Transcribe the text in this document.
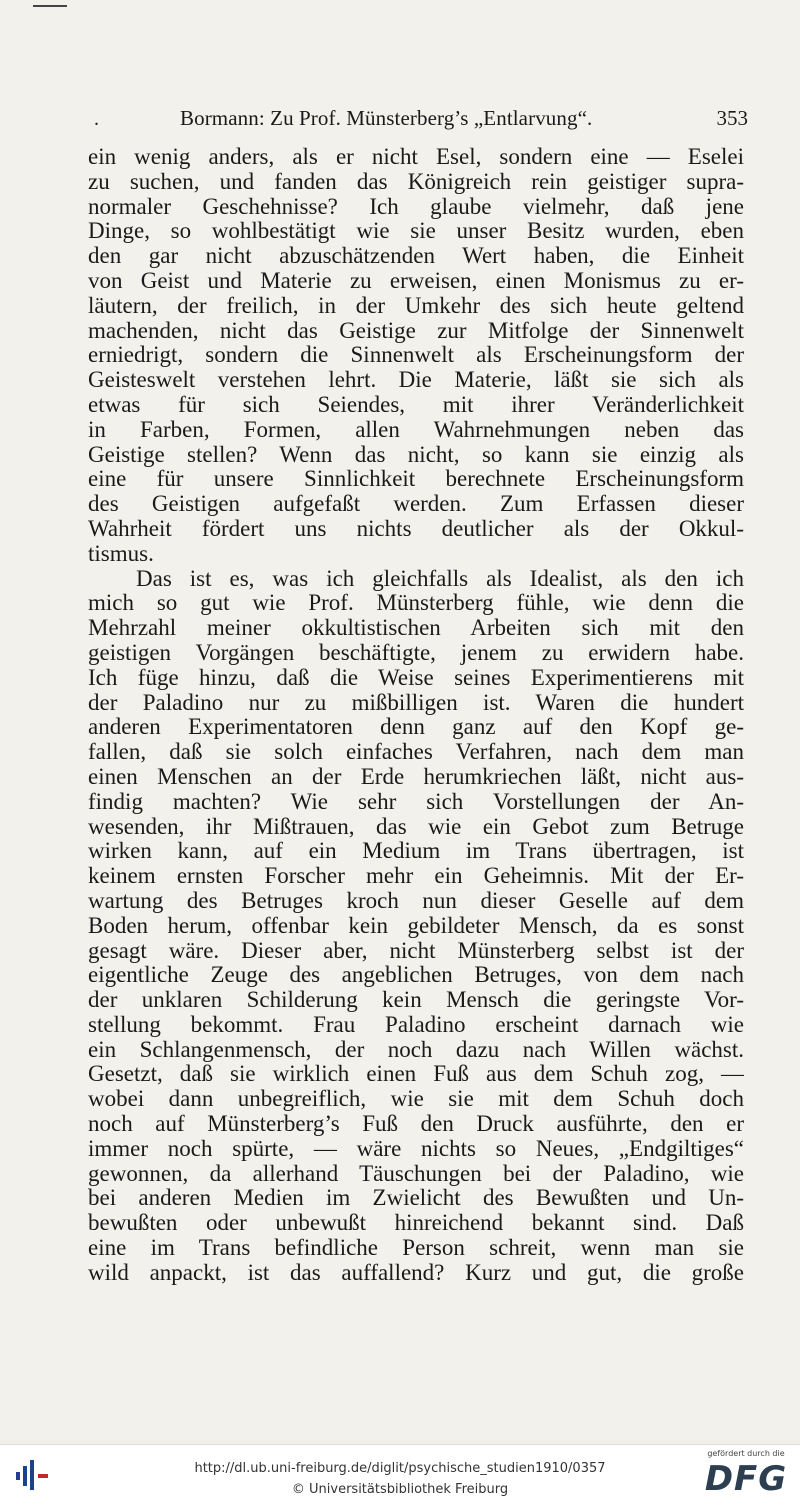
.	Bormann: Zu Prof. Münsterberg’s „Entlarvung“.	353
ein wenig anders, als er nicht Esel, sondern eine — Eselei
zu suchen, und fanden das Königreich rein geistiger supra-
normaler Geschehnisse? Ich glaube vielmehr, daß jene
Dinge, so wohlbestätigt wie sie unser Besitz wurden, eben
den gar nicht abzuschätzenden Wert haben, die Einheit
von Geist und Materie zu erweisen, einen Monismus zu er-
läutern, der freilich, in der Umkehr des sich heute geltend
machenden, nicht das Geistige zur Mitfolge der Sinnenwelt
erniedrigt, sondern die Sinnenwelt als Erscheinungsform der
Geisteswelt verstehen lehrt. Die Materie, läßt sie sich als
etwas für sich Seiendes, mit ihrer Veränderlichkeit
in Farben, Formen, allen Wahrnehmungen neben das
Geistige stellen? Wenn das nicht, so kann sie einzig als
eine für unsere Sinnlichkeit berechnete Erscheinungsform
des Geistigen aufgefaßt werden. Zum Erfassen dieser
Wahrheit fördert uns nichts deutlicher als der Okkul-
tismus.
Das ist es, was ich gleichfalls als Idealist, als den ich
mich so gut wie Prof. Münsterberg fühle, wie denn die
Mehrzahl meiner okkultistischen Arbeiten sich mit den
geistigen Vorgängen beschäftigte, jenem zu erwidern habe.
Ich füge hinzu, daß die Weise seines Experimentierens mit
der Paladino nur zu mißbilligen ist. Waren die hundert
anderen Experimentatoren denn ganz auf den Kopf ge-
fallen, daß sie solch einfaches Verfahren, nach dem man
einen Menschen an der Erde herumkriechen läßt, nicht aus-
findig machten? Wie sehr sich Vorstellungen der An-
wesenden, ihr Mißtrauen, das wie ein Gebot zum Betruge
wirken kann, auf ein Medium im Trans übertragen, ist
keinem ernsten Forscher mehr ein Geheimnis. Mit der Er-
wartung des Betruges kroch nun dieser Geselle auf dem
Boden herum, offenbar kein gebildeter Mensch, da es sonst
gesagt wäre. Dieser aber, nicht Münsterberg selbst ist der
eigentliche Zeuge des angeblichen Betruges, von dem nach
der unklaren Schilderung kein Mensch die geringste Vor-
stellung bekommt. Frau Paladino erscheint darnach wie
ein Schlangenmensch, der noch dazu nach Willen wächst.
Gesetzt, daß sie wirklich einen Fuß aus dem Schuh zog, —
wobei dann unbegreiflich, wie sie mit dem Schuh doch
noch auf Münsterberg’s Fuß den Druck ausführte, den er
immer noch spürte, — wäre nichts so Neues, „Endgiltiges“
gewonnen, da allerhand Täuschungen bei der Paladino, wie
bei anderen Medien im Zwielicht des Bewußten und Un-
bewußten oder unbewußt hinreichend bekannt sind. Daß
eine im Trans befindliche Person schreit, wenn man sie
wild anpackt, ist das auffallend? Kurz und gut, die große
http://dl.ub.uni-freiburg.de/diglit/psychische_studien1910/0357
© Universitätsbibliothek Freiburg
gefördert durch die
DFG
